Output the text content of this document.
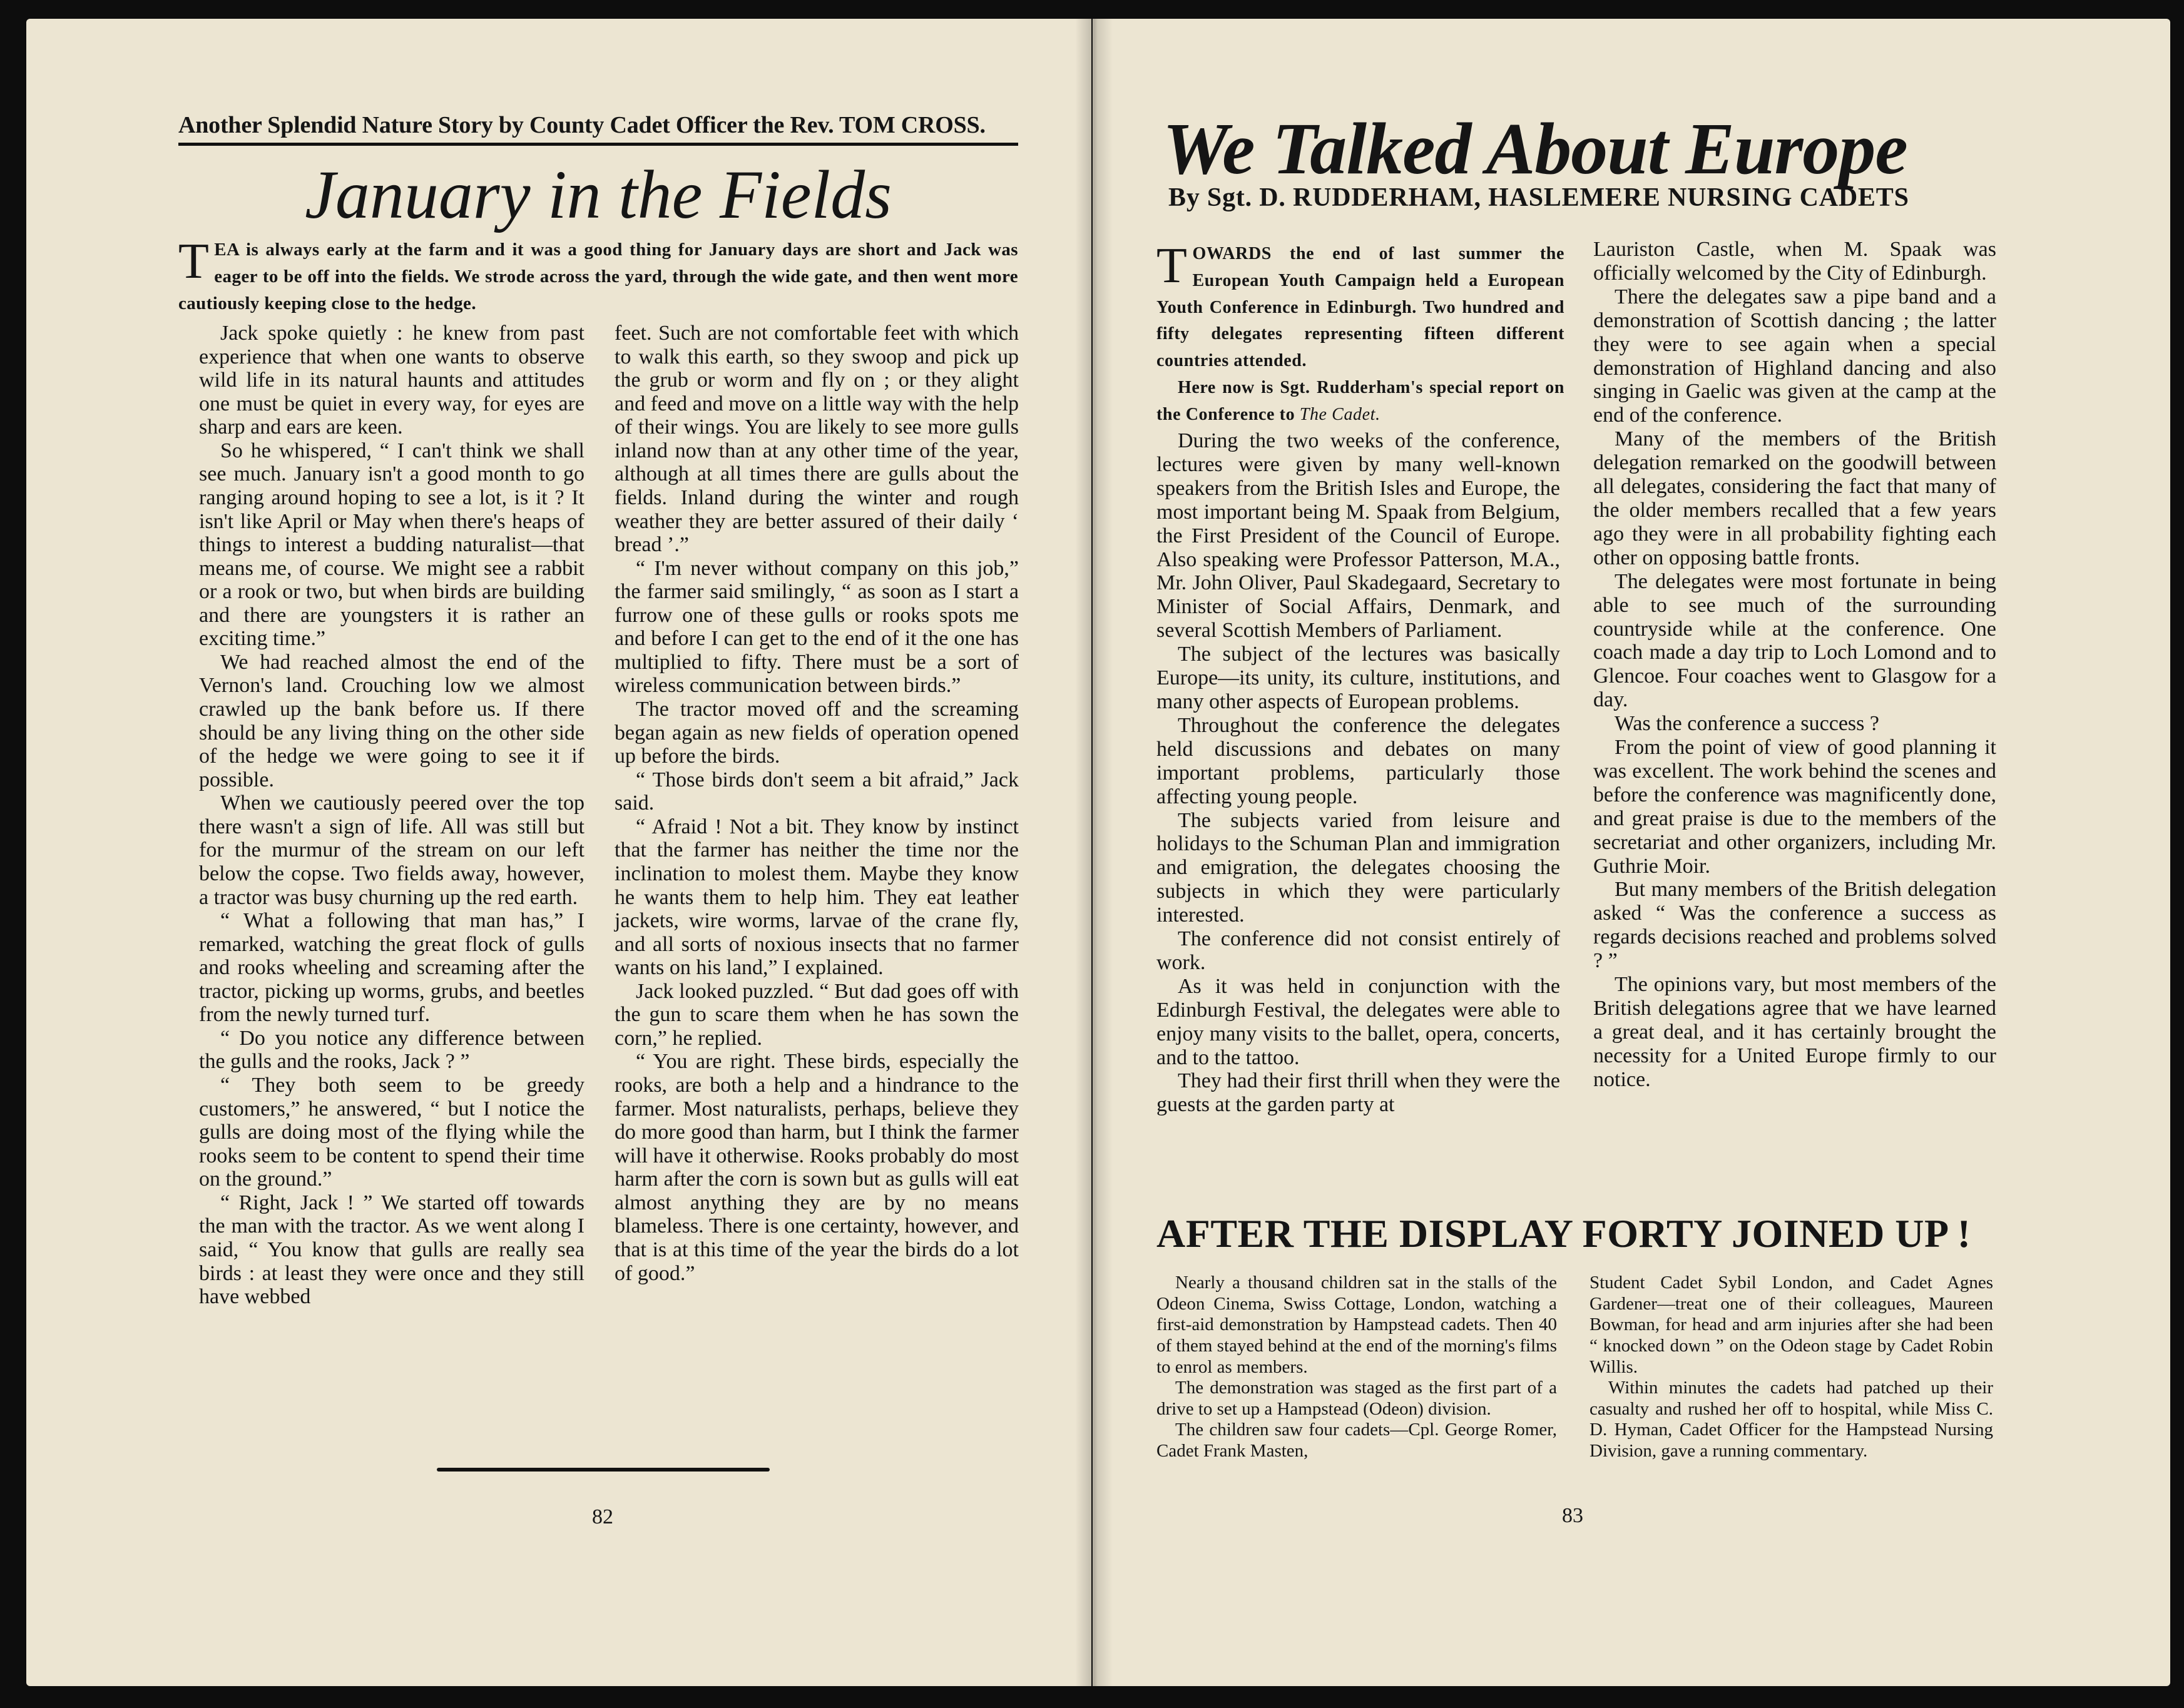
Another Splendid Nature Story by County Cadet Officer the Rev. TOM CROSS.
January in the Fields
TEA is always early at the farm and it was a good thing for January days are short and Jack was eager to be off into the fields. We strode across the yard, through the wide gate, and then went more cautiously keeping close to the hedge.

Jack spoke quietly : he knew from past experience that when one wants to observe wild life in its natural haunts and attitudes one must be quiet in every way, for eyes are sharp and ears are keen.

So he whispered, “ I can't think we shall see much. January isn't a good month to go ranging around hoping to see a lot, is it ? It isn't like April or May when there's heaps of things to interest a budding naturalist—that means me, of course. We might see a rabbit or a rook or two, but when birds are building and there are youngsters it is rather an exciting time.”

We had reached almost the end of the Vernon's land. Crouching low we almost crawled up the bank before us. If there should be any living thing on the other side of the hedge we were going to see it if possible.

When we cautiously peered over the top there wasn't a sign of life. All was still but for the murmur of the stream on our left below the copse. Two fields away, however, a tractor was busy churning up the red earth.

“ What a following that man has,” I remarked, watching the great flock of gulls and rooks wheeling and screaming after the tractor, picking up worms, grubs, and beetles from the newly turned turf.

“ Do you notice any difference between the gulls and the rooks, Jack ? ”

“ They both seem to be greedy customers,” he answered, “ but I notice the gulls are doing most of the flying while the rooks seem to be content to spend their time on the ground.”

“ Right, Jack ! ” We started off towards the man with the tractor. As we went along I said, “ You know that gulls are really sea birds : at least they were once and they still have webbed

feet. Such are not comfortable feet with which to walk this earth, so they swoop and pick up the grub or worm and fly on ; or they alight and feed and move on a little way with the help of their wings. You are likely to see more gulls inland now than at any other time of the year, although at all times there are gulls about the fields. Inland during the winter and rough weather they are better assured of their daily ‘ bread ’.”

“ I'm never without company on this job,” the farmer said smilingly, “ as soon as I start a furrow one of these gulls or rooks spots me and before I can get to the end of it the one has multiplied to fifty. There must be a sort of wireless communication between birds.”

The tractor moved off and the screaming began again as new fields of operation opened up before the birds.

“ Those birds don't seem a bit afraid,” Jack said.

“ Afraid ! Not a bit. They know by instinct that the farmer has neither the time nor the inclination to molest them. Maybe they know he wants them to help him. They eat leather jackets, wire worms, larvae of the crane fly, and all sorts of noxious insects that no farmer wants on his land,” I explained.

Jack looked puzzled. “ But dad goes off with the gun to scare them when he has sown the corn,” he replied.

“ You are right. These birds, especially the rooks, are both a help and a hindrance to the farmer. Most naturalists, perhaps, believe they do more good than harm, but I think the farmer will have it otherwise. Rooks probably do most harm after the corn is sown but as gulls will eat almost anything they are by no means blameless. There is one certainty, however, and that is at this time of the year the birds do a lot of good.”

82
We Talked About Europe
By Sgt. D. RUDDERHAM, HASLEMERE NURSING CADETS

TOWARDS the end of last summer the European Youth Campaign held a European Youth Conference in Edinburgh. Two hundred and fifty delegates representing fifteen different countries attended.

Here now is Sgt. Rudderham's special report on the Conference to The Cadet.

During the two weeks of the conference, lectures were given by many well-known speakers from the British Isles and Europe, the most important being M. Spaak from Belgium, the First President of the Council of Europe. Also speaking were Professor Patterson, M.A., Mr. John Oliver, Paul Skadegaard, Secretary to Minister of Social Affairs, Denmark, and several Scottish Members of Parliament.

The subject of the lectures was basically Europe—its unity, its culture, institutions, and many other aspects of European problems.

Throughout the conference the delegates held discussions and debates on many important problems, particularly those affecting young people.

The subjects varied from leisure and holidays to the Schuman Plan and immigration and emigration, the delegates choosing the subjects in which they were particularly interested.

The conference did not consist entirely of work.

As it was held in conjunction with the Edinburgh Festival, the delegates were able to enjoy many visits to the ballet, opera, concerts, and to the tattoo.

They had their first thrill when they were the guests at the garden party at

Lauriston Castle, when M. Spaak was officially welcomed by the City of Edinburgh.

There the delegates saw a pipe band and a demonstration of Scottish dancing ; the latter they were to see again when a special demonstration of Highland dancing and also singing in Gaelic was given at the camp at the end of the conference.

Many of the members of the British delegation remarked on the goodwill between all delegates, considering the fact that many of the older members recalled that a few years ago they were in all probability fighting each other on opposing battle fronts.

The delegates were most fortunate in being able to see much of the surrounding countryside while at the conference. One coach made a day trip to Loch Lomond and to Glencoe. Four coaches went to Glasgow for a day.

Was the conference a success ?

From the point of view of good planning it was excellent. The work behind the scenes and before the conference was magnificently done, and great praise is due to the members of the secretariat and other organizers, including Mr. Guthrie Moir.

But many members of the British delegation asked “ Was the conference a success as regards decisions reached and problems solved ? ”

The opinions vary, but most members of the British delegations agree that we have learned a great deal, and it has certainly brought the necessity for a United Europe firmly to our notice.

AFTER THE DISPLAY FORTY JOINED UP !

Nearly a thousand children sat in the stalls of the Odeon Cinema, Swiss Cottage, London, watching a first-aid demonstration by Hampstead cadets. Then 40 of them stayed behind at the end of the morning's films to enrol as members.

The demonstration was staged as the first part of a drive to set up a Hampstead (Odeon) division.

The children saw four cadets—Cpl. George Romer, Cadet Frank Masten,

Student Cadet Sybil London, and Cadet Agnes Gardener—treat one of their colleagues, Maureen Bowman, for head and arm injuries after she had been “ knocked down ” on the Odeon stage by Cadet Robin Willis.

Within minutes the cadets had patched up their casualty and rushed her off to hospital, while Miss C. D. Hyman, Cadet Officer for the Hampstead Nursing Division, gave a running commentary.

83
